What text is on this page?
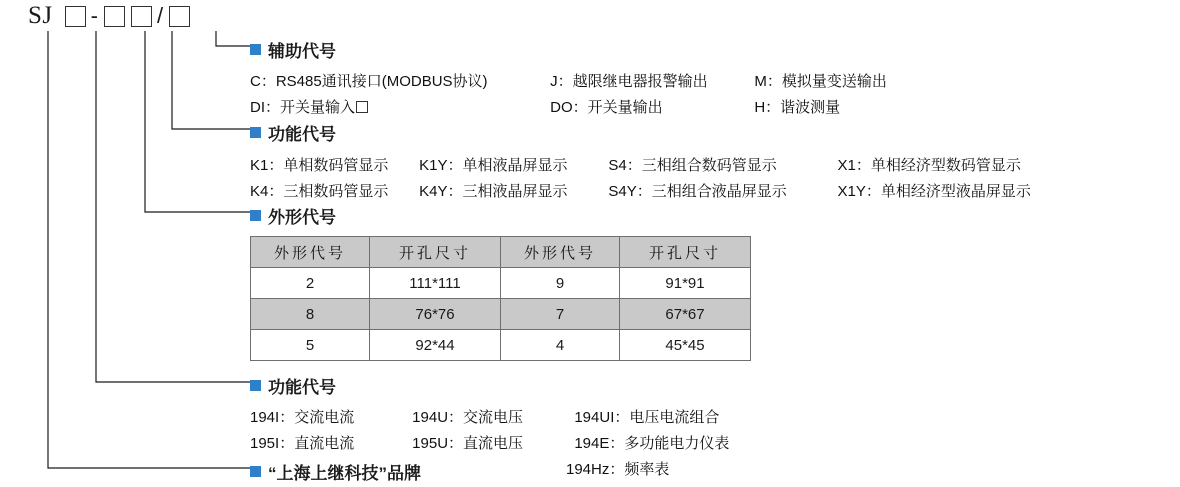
SJ -	/
辅助代号
C：RS485通讯接口(MODBUS协议)	J：越限继电器报警输出	M：模拟量变送输出
DI：开关量输入	DO：开关量输出	H：谐波测量
功能代号
K1：单相数码管显示 K1Y：单相液晶屏显示	S4：三相组合数码管显示	X1：单相经济型数码管显示
K4：三相数码管显示 K4Y：三相液晶屏显示	S4Y：三相组合液晶屏显示	X1Y：单相经济型液晶屏显示
外形代号
外形代号	开孔尺寸	外形代号	开孔尺寸
2	111*111	9	91*91
8	76*76	7	67*67
5	92*44	4	45*45
功能代号
194I：交流电流	194U：交流电压	194UI：电压电流组合
195I：直流电流	195U：直流电压	194E：多功能电力仪表
194Hz：频率表
“上海上继科技”品牌
